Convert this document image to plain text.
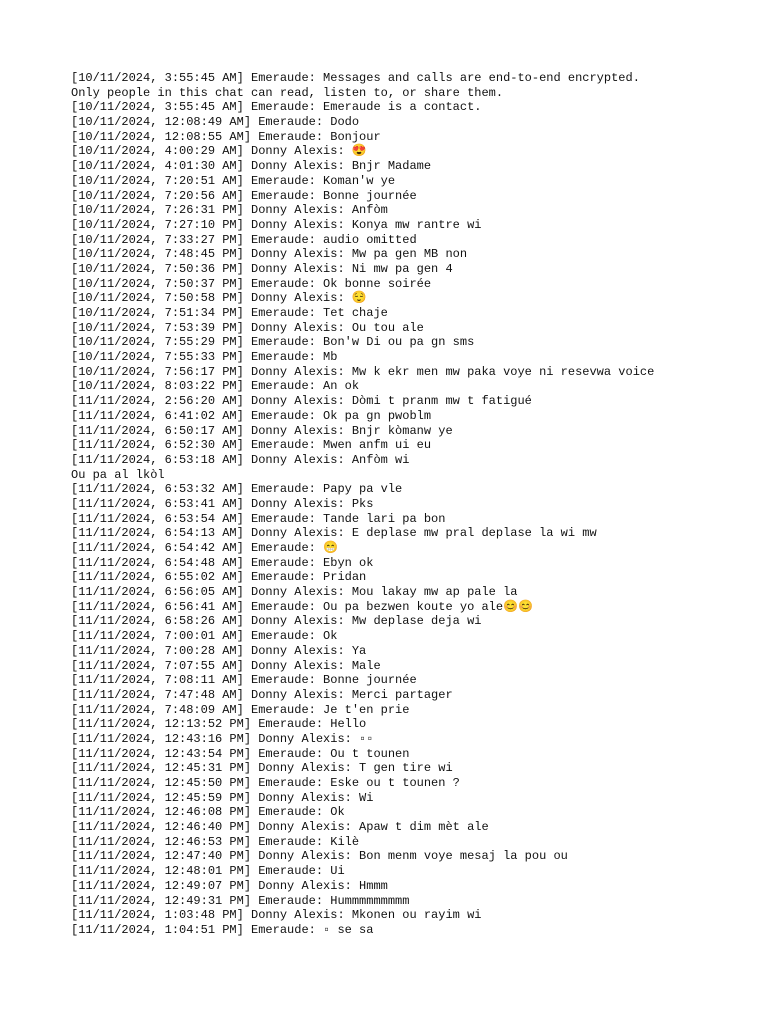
[10/11/2024, 3:55:45 AM] Emeraude: Messages and calls are end-to-end encrypted.
Only people in this chat can read, listen to, or share them.
[10/11/2024, 3:55:45 AM] Emeraude: Emeraude is a contact.
[10/11/2024, 12:08:49 AM] Emeraude: Dodo
[10/11/2024, 12:08:55 AM] Emeraude: Bonjour
[10/11/2024, 4:00:29 AM] Donny Alexis: 😍
[10/11/2024, 4:01:30 AM] Donny Alexis: Bnjr Madame
[10/11/2024, 7:20:51 AM] Emeraude: Koman'w ye
[10/11/2024, 7:20:56 AM] Emeraude: Bonne journée
[10/11/2024, 7:26:31 PM] Donny Alexis: Anfòm
[10/11/2024, 7:27:10 PM] Donny Alexis: Konya mw rantre wi
[10/11/2024, 7:33:27 PM] Emeraude: audio omitted
[10/11/2024, 7:48:45 PM] Donny Alexis: Mw pa gen MB non
[10/11/2024, 7:50:36 PM] Donny Alexis: Ni mw pa gen 4
[10/11/2024, 7:50:37 PM] Emeraude: Ok bonne soirée
[10/11/2024, 7:50:58 PM] Donny Alexis: 😌
[10/11/2024, 7:51:34 PM] Emeraude: Tet chaje
[10/11/2024, 7:53:39 PM] Donny Alexis: Ou tou ale
[10/11/2024, 7:55:29 PM] Emeraude: Bon'w Di ou pa gn sms
[10/11/2024, 7:55:33 PM] Emeraude: Mb
[10/11/2024, 7:56:17 PM] Donny Alexis: Mw k ekr men mw paka voye ni resevwa voice
[10/11/2024, 8:03:22 PM] Emeraude: An ok
[11/11/2024, 2:56:20 AM] Donny Alexis: Dòmi t pranm mw t fatigué
[11/11/2024, 6:41:02 AM] Emeraude: Ok pa gn pwoblm
[11/11/2024, 6:50:17 AM] Donny Alexis: Bnjr kòmanw ye
[11/11/2024, 6:52:30 AM] Emeraude: Mwen anfm ui eu
[11/11/2024, 6:53:18 AM] Donny Alexis: Anfòm wi
Ou pa al lkòl
[11/11/2024, 6:53:32 AM] Emeraude: Papy pa vle
[11/11/2024, 6:53:41 AM] Donny Alexis: Pks
[11/11/2024, 6:53:54 AM] Emeraude: Tande lari pa bon
[11/11/2024, 6:54:13 AM] Donny Alexis: E deplase mw pral deplase la wi mw
[11/11/2024, 6:54:42 AM] Emeraude: 😁
[11/11/2024, 6:54:48 AM] Emeraude: Ebyn ok
[11/11/2024, 6:55:02 AM] Emeraude: Pridan
[11/11/2024, 6:56:05 AM] Donny Alexis: Mou lakay mw ap pale la
[11/11/2024, 6:56:41 AM] Emeraude: Ou pa bezwen koute yo ale😊😊
[11/11/2024, 6:58:26 AM] Donny Alexis: Mw deplase deja wi
[11/11/2024, 7:00:01 AM] Emeraude: Ok
[11/11/2024, 7:00:28 AM] Donny Alexis: Ya
[11/11/2024, 7:07:55 AM] Donny Alexis: Male
[11/11/2024, 7:08:11 AM] Emeraude: Bonne journée
[11/11/2024, 7:47:48 AM] Donny Alexis: Merci partager
[11/11/2024, 7:48:09 AM] Emeraude: Je t'en prie
[11/11/2024, 12:13:52 PM] Emeraude: Hello
[11/11/2024, 12:43:16 PM] Donny Alexis: ▫▫
[11/11/2024, 12:43:54 PM] Emeraude: Ou t tounen
[11/11/2024, 12:45:31 PM] Donny Alexis: T gen tire wi
[11/11/2024, 12:45:50 PM] Emeraude: Eske ou t tounen ?
[11/11/2024, 12:45:59 PM] Donny Alexis: Wi
[11/11/2024, 12:46:08 PM] Emeraude: Ok
[11/11/2024, 12:46:40 PM] Donny Alexis: Apaw t dim mèt ale
[11/11/2024, 12:46:53 PM] Emeraude: Kilè
[11/11/2024, 12:47:40 PM] Donny Alexis: Bon menm voye mesaj la pou ou
[11/11/2024, 12:48:01 PM] Emeraude: Ui
[11/11/2024, 12:49:07 PM] Donny Alexis: Hmmm
[11/11/2024, 12:49:31 PM] Emeraude: Hummmmmmmmm
[11/11/2024, 1:03:48 PM] Donny Alexis: Mkonen ou rayim wi
[11/11/2024, 1:04:51 PM] Emeraude: ▫ se sa
